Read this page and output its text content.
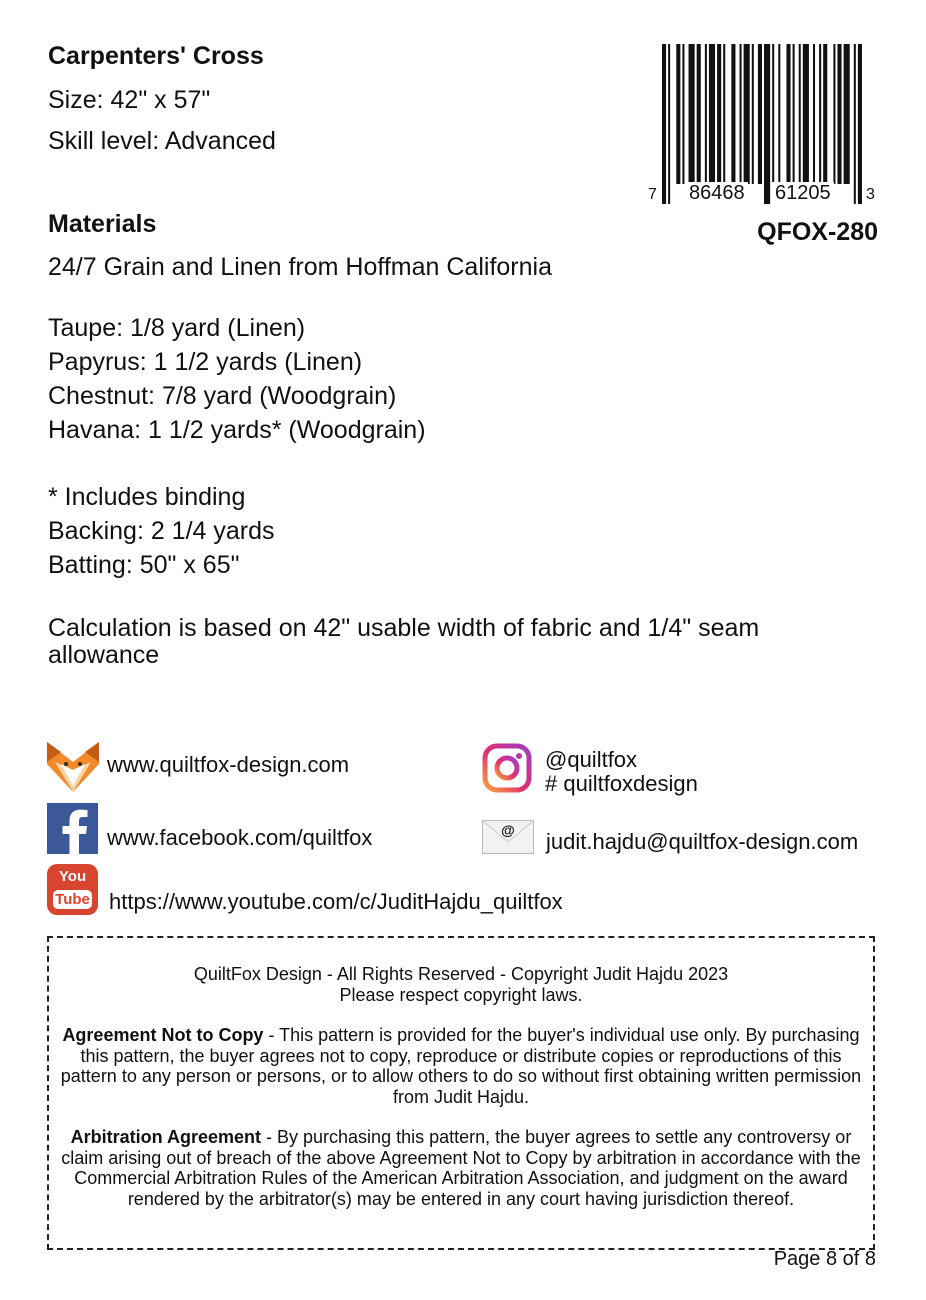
Carpenters' Cross
Size: 42" x 57"
Skill level: Advanced
7 86468 61205 3
QFOX-280
Materials
24/7 Grain and Linen from Hoffman California
Taupe: 1/8 yard (Linen)
Papyrus: 1 1/2 yards (Linen)
Chestnut: 7/8 yard (Woodgrain)
Havana: 1 1/2 yards* (Woodgrain)
* Includes binding
Backing: 2 1/4 yards
Batting: 50" x 65"
Calculation is based on 42" usable width of fabric and 1/4" seam allowance
www.quiltfox-design.com
www.facebook.com/quiltfox
You
Tube https://www.youtube.com/c/JuditHajdu_quiltfox
@quiltfox
# quiltfoxdesign
@	judit.hajdu@quiltfox-design.com

QuiltFox Design - All Rights Reserved - Copyright Judit Hajdu 2023
Please respect copyright laws.

Agreement Not to Copy - This pattern is provided for the buyer's individual use only. By purchasing this pattern, the buyer agrees not to copy, reproduce or distribute copies or reproductions of this pattern to any person or persons, or to allow others to do so without first obtaining written permission from Judit Hajdu.

Arbitration Agreement - By purchasing this pattern, the buyer agrees to settle any controversy or claim arising out of breach of the above Agreement Not to Copy by arbitration in accordance with the Commercial Arbitration Rules of the American Arbitration Association, and judgment on the award rendered by the arbitrator(s) may be entered in any court having jurisdiction thereof.

Page 8 of 8
